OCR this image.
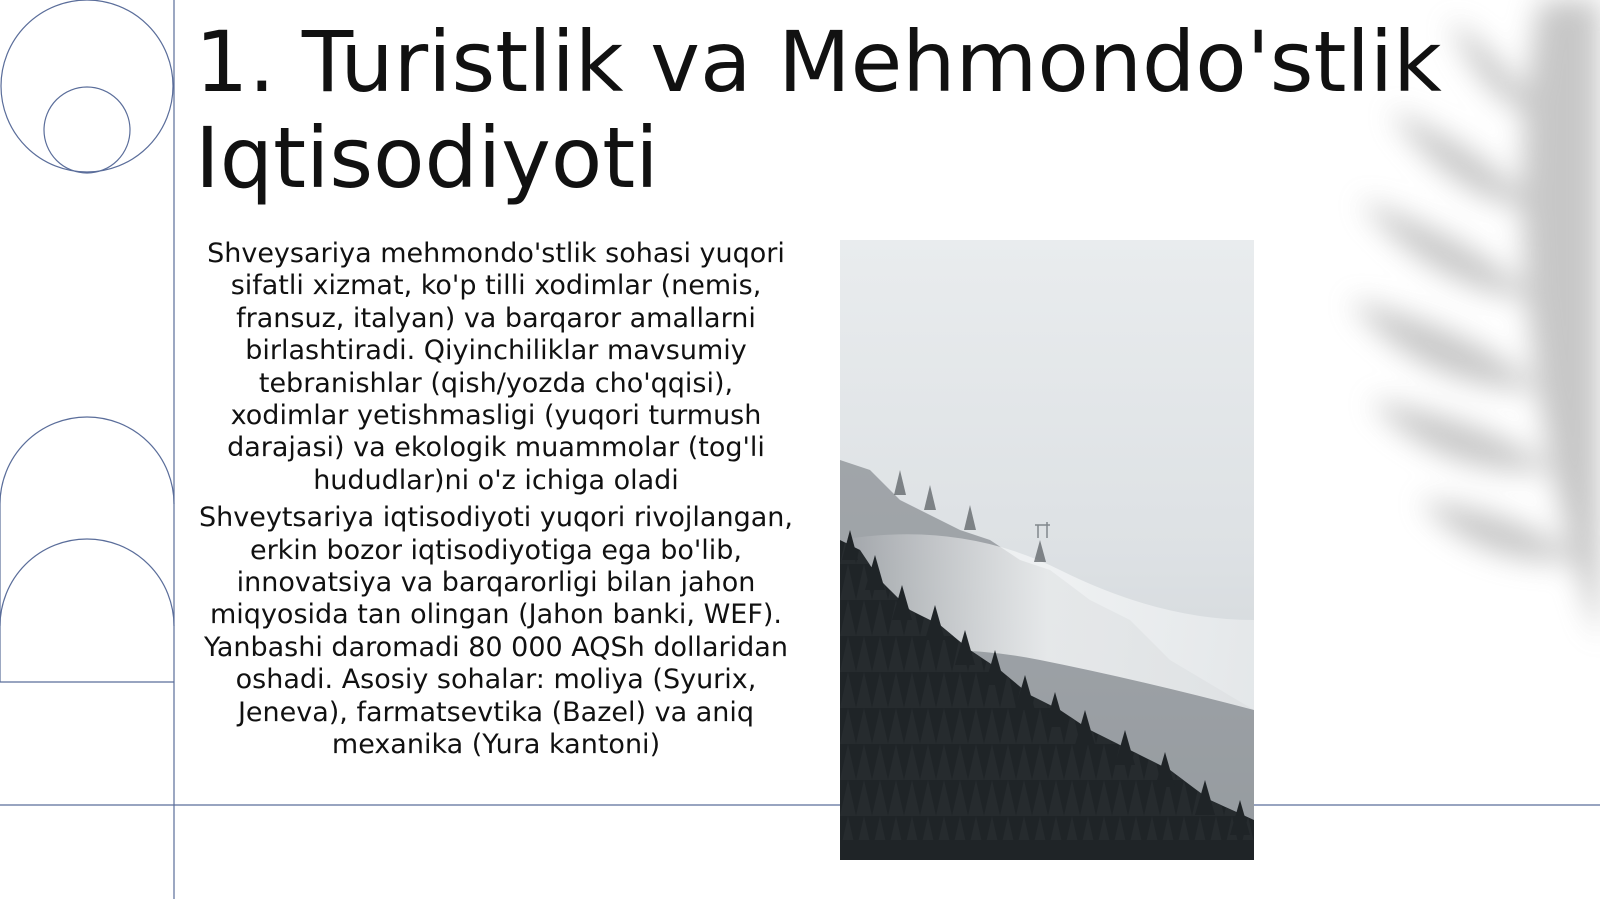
1. Turistlik va Mehmondo'stlik
Iqtisodiyoti

Shveysariya mehmondo'stlik sohasi yuqori sifatli xizmat, ko'p tilli xodimlar (nemis, fransuz, italyan) va barqaror amallarni birlashtiradi. Qiyinchiliklar mavsumiy tebranishlar (qish/yozda cho'qqisi), xodimlar yetishmasligi (yuqori turmush darajasi) va ekologik muammolar (tog'li hududlar)ni o'z ichiga oladi

Shveytsariya iqtisodiyoti yuqori rivojlangan, erkin bozor iqtisodiyotiga ega bo'lib, innovatsiya va barqarorligi bilan jahon miqyosida tan olingan (Jahon banki, WEF). Yanbashi daromadi 80 000 AQSh dollaridan oshadi. Asosiy sohalar: moliya (Syurix, Jeneva), farmatsevtika (Bazel) va aniq mexanika (Yura kantoni)
